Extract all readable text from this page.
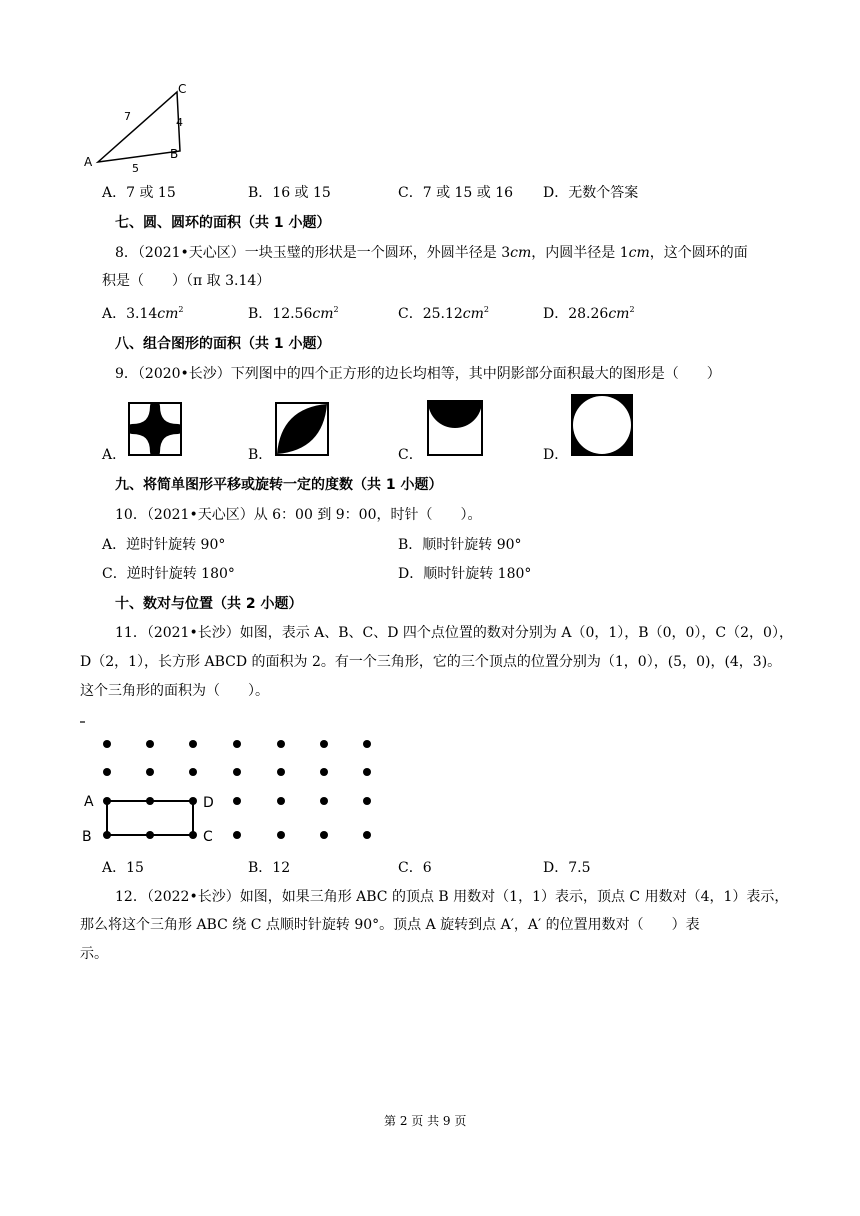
A
B
C
5
4
7
A．7 或 15	B．16 或 15	C．7 或 15 或 16 D．无数个答案
七、圆、圆环的面积（共 1 小题）
8．（2021•天心区）一块玉璧的形状是一个圆环，外圆半径是 3cm，内圆半径是 1cm，这个圆环的面
积是（　　）（π 取 3.14）
A．$3.14cm^2$	B．$12.56cm^2$	C．$25.12cm^2$	D．$28.26cm^2$
八、组合图形的面积（共 1 小题）
9．（2020•长沙）下列图中的四个正方形的边长均相等，其中阴影部分面积最大的图形是（　　）
A．	B．	C．	D．
九、将简单图形平移或旋转一定的度数（共 1 小题）
10．（2021•天心区）从 6：00 到 9：00，时针（　　）。
A．逆时针旋转 90°	B．顺时针旋转 90°
C．逆时针旋转 180°	D．顺时针旋转 180°
十、数对与位置（共 2 小题）
11．（2021•长沙）如图，表示 A、B、C、D 四个点位置的数对分别为 A（0，1），B（0，0），C（2，0），
D（2，1），长方形 ABCD 的面积为 2。有一个三角形，它的三个顶点的位置分别为（1，0），(5，0)，(4，3)。
这个三角形的面积为（　　）。
A
B	C
D
A．15	B．12	C．6	D．7.5
12．（2022•长沙）如图，如果三角形 ABC 的顶点 B 用数对（1，1）表示，顶点 C 用数对（4，1）表示，
那么将这个三角形 ABC 绕 C 点顺时针旋转 90°。顶点 A 旋转到点 A′，A′ 的位置用数对（　　）表
示。
第 2 页 共 9 页
